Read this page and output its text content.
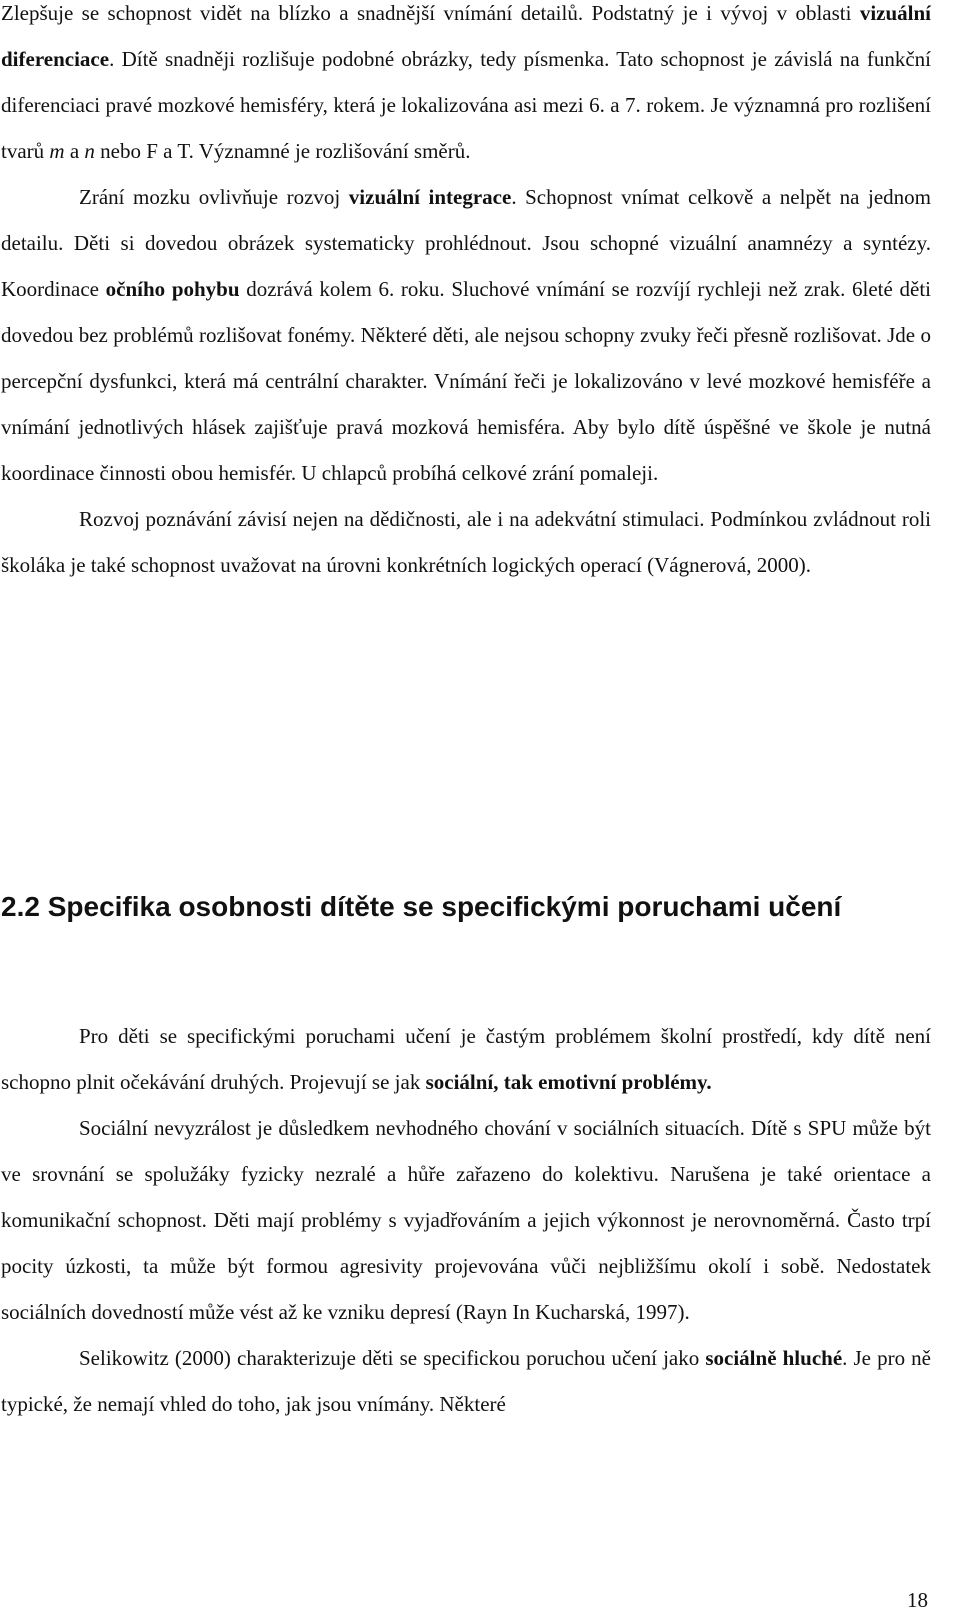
Zlepšuje se schopnost vidět na blízko a snadnější vnímání detailů. Podstatný je i vývoj v oblasti vizuální diferenciace. Dítě snadněji rozlišuje podobné obrázky, tedy písmenka. Tato schopnost je závislá na funkční diferenciaci pravé mozkové hemisféry, která je lokalizována asi mezi 6. a 7. rokem. Je významná pro rozlišení tvarů m a n nebo F a T. Významné je rozlišování směrů.

Zrání mozku ovlivňuje rozvoj vizuální integrace. Schopnost vnímat celkově a nelpět na jednom detailu. Děti si dovedou obrázek systematicky prohlédnout. Jsou schopné vizuální anamnézy a syntézy. Koordinace očního pohybu dozrává kolem 6. roku. Sluchové vnímání se rozvíjí rychleji než zrak. 6leté děti dovedou bez problémů rozlišovat fonémy. Některé děti, ale nejsou schopny zvuky řeči přesně rozlišovat. Jde o percepční dysfunkci, která má centrální charakter. Vnímání řeči je lokalizováno v levé mozkové hemisféře a vnímání jednotlivých hlásek zajišťuje pravá mozková hemisféra. Aby bylo dítě úspěšné ve škole je nutná koordinace činnosti obou hemisfér. U chlapců probíhá celkové zrání pomaleji.

Rozvoj poznávání závisí nejen na dědičnosti, ale i na adekvátní stimulaci. Podmínkou zvládnout roli školáka je také schopnost uvažovat na úrovni konkrétních logických operací (Vágnerová, 2000).

2.2 Specifika osobnosti dítěte se specifickými poruchami učení

Pro děti se specifickými poruchami učení je častým problémem školní prostředí, kdy dítě není schopno plnit očekávání druhých. Projevují se jak sociální, tak emotivní problémy.

Sociální nevyzrálost je důsledkem nevhodného chování v sociálních situacích. Dítě s SPU může být ve srovnání se spolužáky fyzicky nezralé a hůře zařazeno do kolektivu. Narušena je také orientace a komunikační schopnost. Děti mají problémy s vyjadřováním a jejich výkonnost je nerovnoměrná. Často trpí pocity úzkosti, ta může být formou agresivity projevována vůči nejbližšímu okolí i sobě. Nedostatek sociálních dovedností může vést až ke vzniku depresí (Rayn In Kucharská, 1997).

Selikowitz (2000) charakterizuje děti se specifickou poruchou učení jako sociálně hluché. Je pro ně typické, že nemají vhled do toho, jak jsou vnímány. Některé

18
